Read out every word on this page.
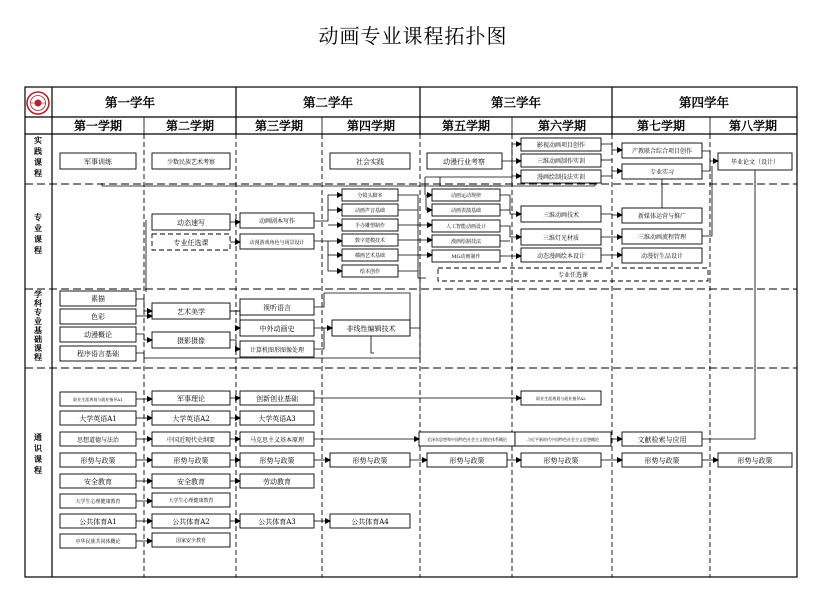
动画专业课程拓扑图
第一学年	第二学年	第三学年	第四学年
第一学期	第二学期	第三学期	第四学期	第五学期	第六学期	第七学期	第八学期
实践课程
专业课程
学科专业基础课程
通识课程
军事训练	少数民族艺术考察	社会实践	动漫行业考察
影视动画项目创作
三维动画制作实训
漫画绘制技法实训
产教联合综合项目创作
专业实习
毕业论文（设计）
动态速写
专业任选课
动画剧本写作
动漫游戏角色与场景设计
分镜头脚本
动画声音基础
手办雕塑制作
数字建模技术
插画艺术基础
绘本创作
动画运动规律
动画表演基础
人工智能动画设计
漫画绘制技法
MG动画制作
三维动画技术
三维灯光材质
动态漫画绘本设计
新媒体运营与推广
三维动画流程管理
动漫衍生品设计
专业任选课
素描
色彩
动漫概论
程序语言基础
艺术美学
摄影摄像
视听语言
中外动画史
计算机图形图像处理
非线性编辑技术
职业生涯规划与就业指导A1
大学英语A1
思想道德与法治
形势与政策
安全教育
大学生心理健康教育
公共体育A1
中华民族共同体概论
军事理论
大学英语A2
中国近现代史纲要
形势与政策
安全教育
大学生心理健康教育
公共体育A2
国家安全教育
创新创业基础
大学英语A3
马克思主义基本原理
形势与政策
劳动教育
公共体育A3
形势与政策
公共体育A4
毛泽东思想和中国特色社会主义理论体系概论
形势与政策
职业生涯规划与就业指导A2
习近平新时代中国特色社会主义思想概论
形势与政策
文献检索与应用
形势与政策	形势与政策
